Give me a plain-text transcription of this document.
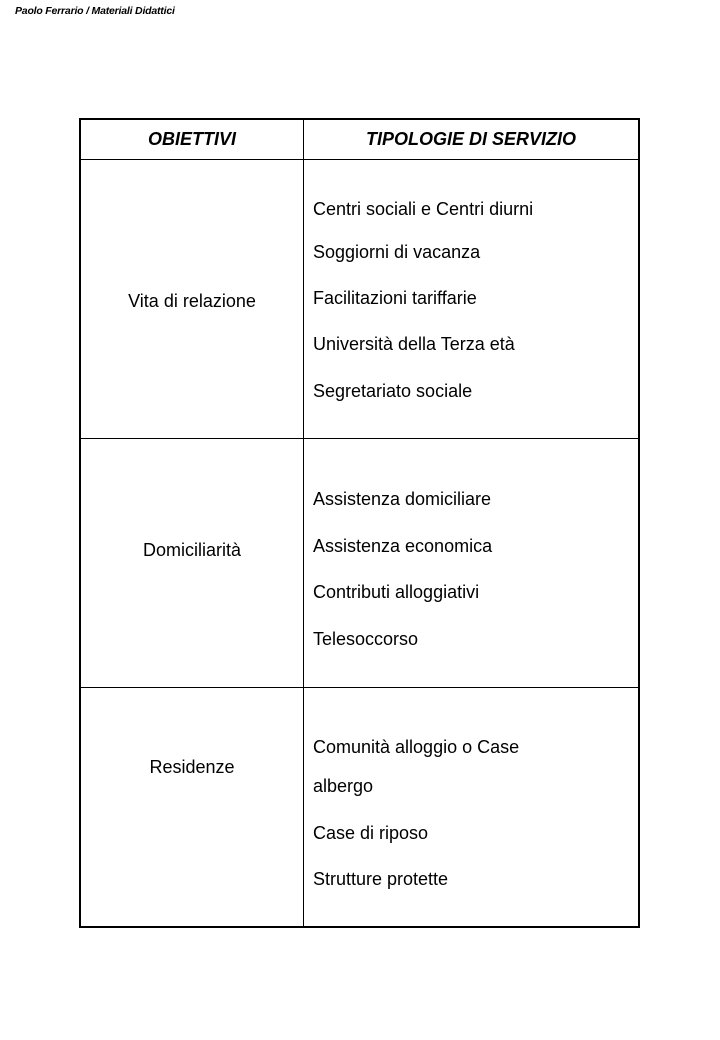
Paolo Ferrario / Materiali Didattici
OBIETTIVI	TIPOLOGIE DI SERVIZIO
Vita di relazione
Centri sociali e Centri diurni
Soggiorni di vacanza
Facilitazioni tariffarie
Università della Terza età
Segretariato sociale
Domiciliarità
Assistenza domiciliare
Assistenza economica
Contributi alloggiativi
Telesoccorso
Residenze
Comunità alloggio o Case albergo
Case di riposo
Strutture protette
